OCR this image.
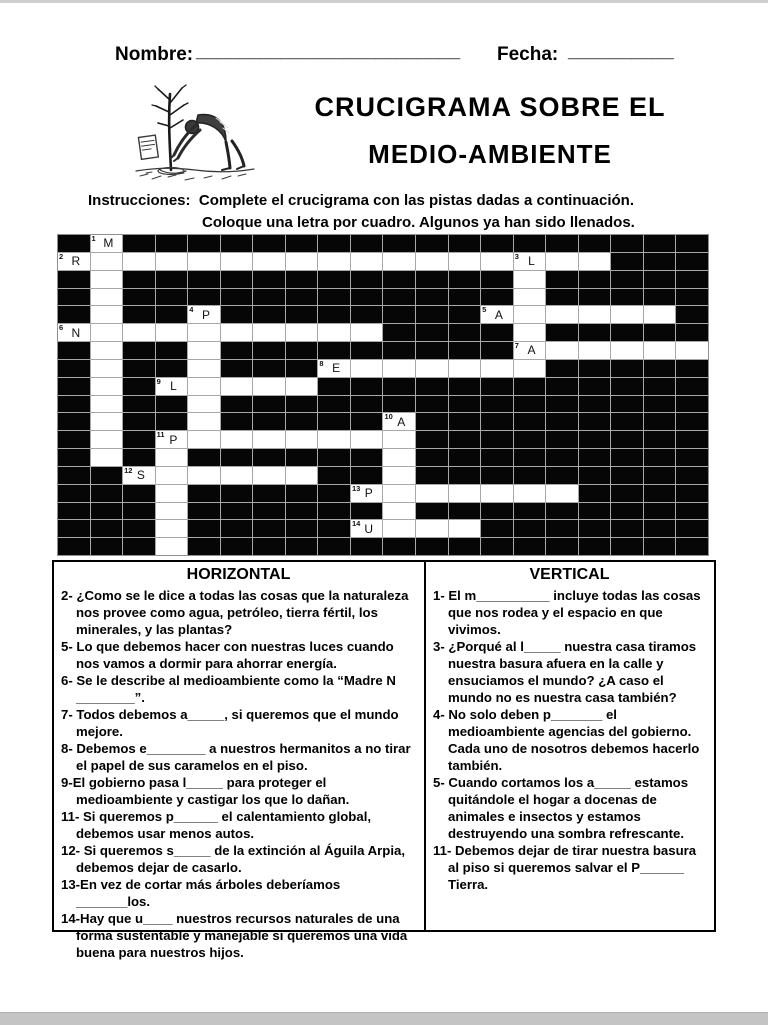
Nombre: _________________________ Fecha: __________
CRUCIGRAMA SOBRE EL
MEDIO-AMBIENTE
Instrucciones: Complete el crucigrama con las pistas dadas a continuación.
Coloque una letra por cuadro. Algunos ya han sido llenados.
1 M
2 R	3 L
4 P	5 A
6 N
7 A
8 E
9 L
10 A
11 P
12 S
13 P
14 U
HORIZONTAL
2- ¿Como se le dice a todas las cosas que la naturaleza nos provee como agua, petróleo, tierra fértil, los minerales, y las plantas?
5- Lo que debemos hacer con nuestras luces cuando nos vamos a dormir para ahorrar energía.
6- Se le describe al medioambiente como la “Madre N ________”.
7- Todos debemos a_____, si queremos que el mundo mejore.
8- Debemos e________ a nuestros hermanitos a no tirar el papel de sus caramelos en el piso.
9-El gobierno pasa l_____ para proteger el medioambiente y castigar los que lo dañan.
11- Si queremos p______ el calentamiento global, debemos usar menos autos.
12- Si queremos s_____ de la extinción al Águila Arpia, debemos dejar de casarlo.
13-En vez de cortar más árboles deberíamos _______los.
14-Hay que u____ nuestros recursos naturales de una forma sustentable y manejable si queremos una vida buena para nuestros hijos.
VERTICAL
1- El m__________ incluye todas las cosas que nos rodea y el espacio en que vivimos.
3- ¿Porqué al l_____ nuestra casa tiramos nuestra basura afuera en la calle y ensuciamos el mundo? ¿A caso el mundo no es nuestra casa también?
4- No solo deben p_______ el medioambiente agencias del gobierno. Cada uno de nosotros debemos hacerlo también.
5- Cuando cortamos los a_____ estamos quitándole el hogar a docenas de animales e insectos y estamos destruyendo una sombra refrescante.
11- Debemos dejar de tirar nuestra basura al piso si queremos salvar el P______ Tierra.
